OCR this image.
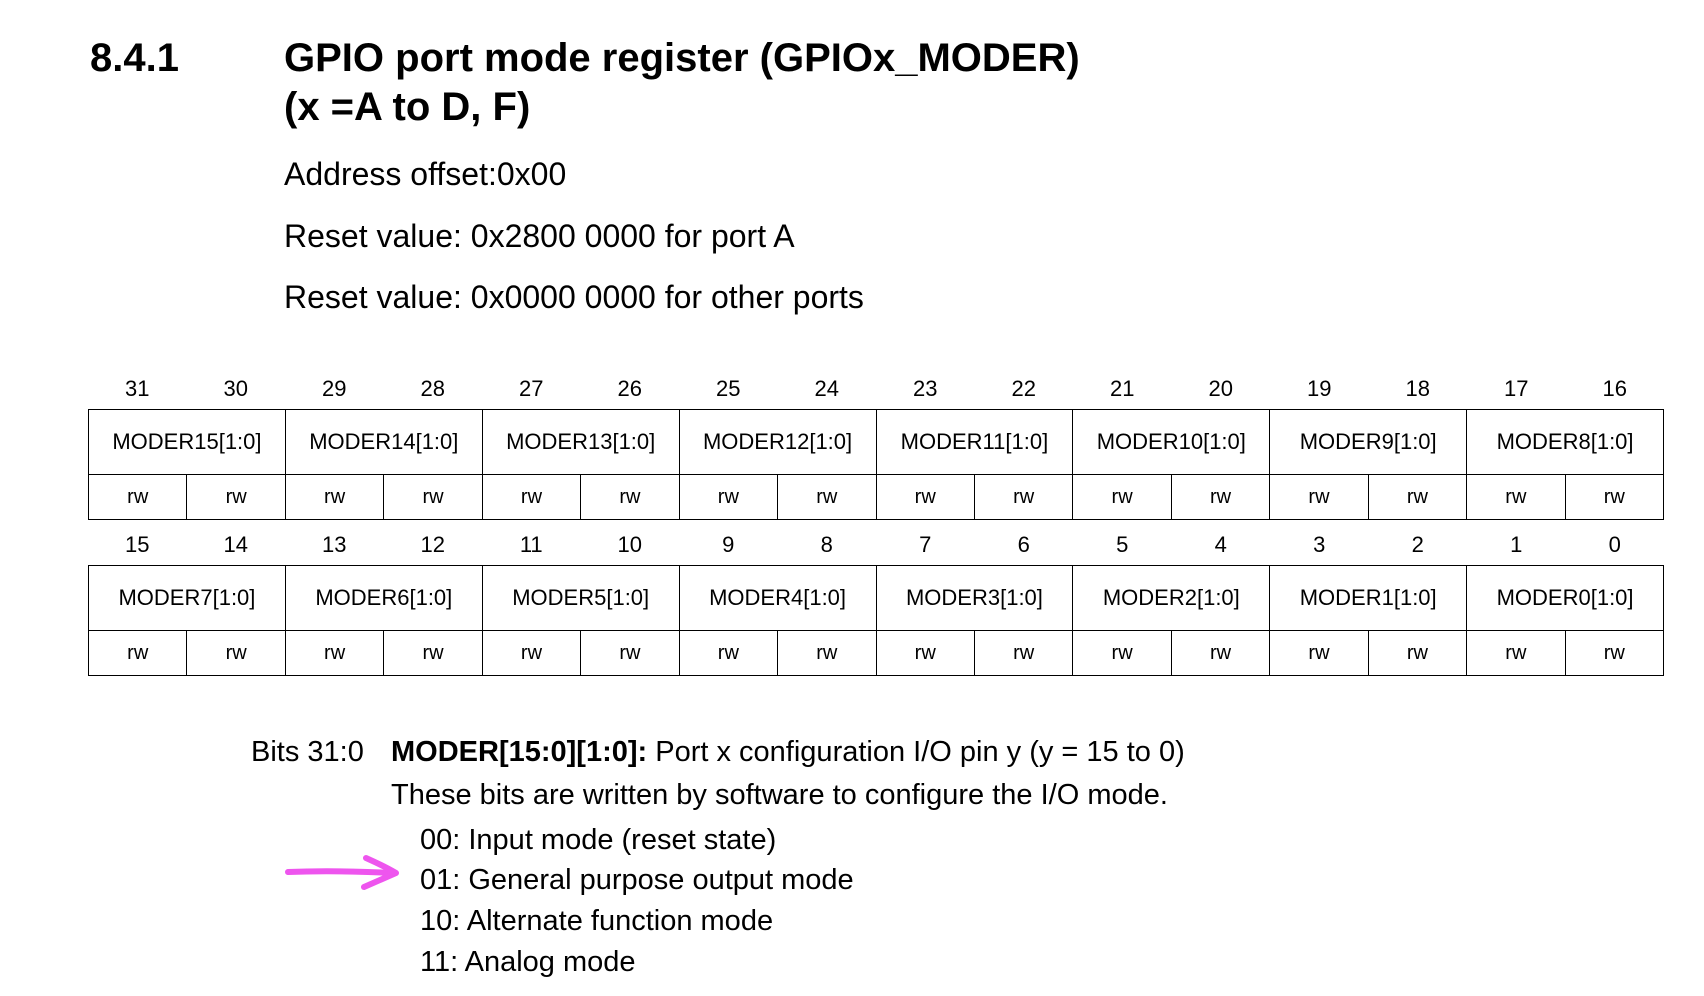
8.4.1	GPIO port mode register (GPIOx_MODER)
(x =A to D, F)

Address offset:0x00

Reset value: 0x2800 0000 for port A

Reset value: 0x0000 0000 for other ports

31	30	29	28	27	26	25	24	23	22	21	20	19	18	17	16
MODER15[1:0]		MODER14[1:0]		MODER13[1:0]		MODER12[1:0]		MODER11[1:0]		MODER10[1:0]		MODER9[1:0]		MODER8[1:0]	
rw	rw	rw	rw	rw	rw	rw	rw	rw	rw	rw	rw	rw	rw	rw	rw
15	14	13	12	11	10	9	8	7	6	5	4	3	2	1	0
MODER7[1:0]		MODER6[1:0]		MODER5[1:0]		MODER4[1:0]		MODER3[1:0]		MODER2[1:0]		MODER1[1:0]		MODER0[1:0]	
rw	rw	rw	rw	rw	rw	rw	rw	rw	rw	rw	rw	rw	rw	rw	rw

Bits 31:0 MODER[15:0][1:0]: Port x configuration I/O pin y (y = 15 to 0)

These bits are written by software to configure the I/O mode.

00: Input mode (reset state)

01: General purpose output mode

10: Alternate function mode

11: Analog mode
